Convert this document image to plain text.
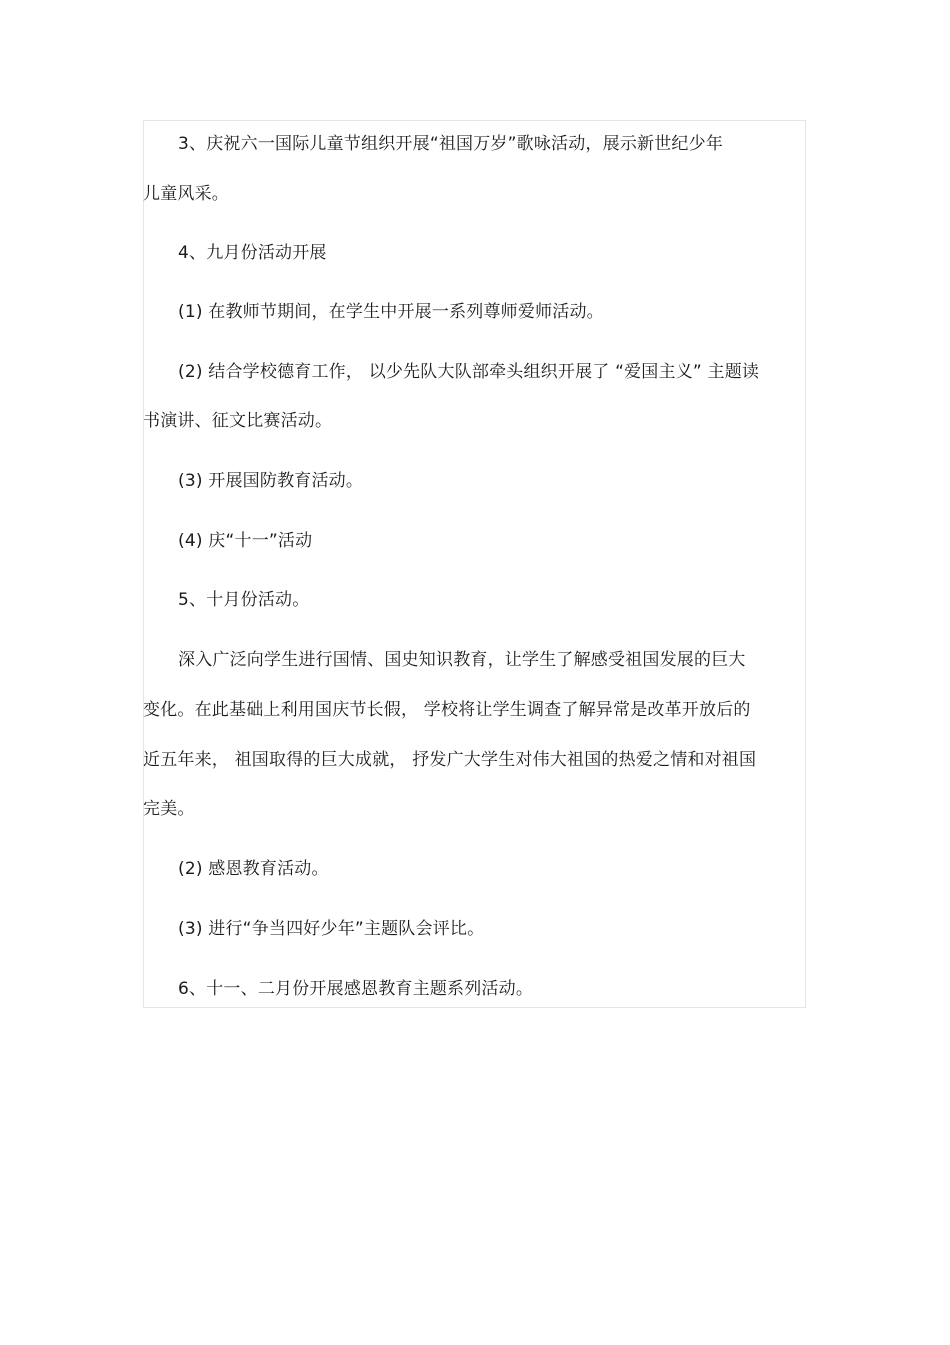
3、庆祝六一国际儿童节组织开展“祖国万岁”歌咏活动，展示新世纪少年
儿童风采。
4、九月份活动开展
(1) 在教师节期间，在学生中开展一系列尊师爱师活动。
(2) 结合学校德育工作， 以少先队大队部牵头组织开展了 “爱国主义” 主题读
书演讲、征文比赛活动。
(3) 开展国防教育活动。
(4) 庆“十一”活动
5、十月份活动。
深入广泛向学生进行国情、国史知识教育，让学生了解感受祖国发展的巨大
变化。在此基础上利用国庆节长假， 学校将让学生调查了解异常是改革开放后的
近五年来， 祖国取得的巨大成就， 抒发广大学生对伟大祖国的热爱之情和对祖国
完美。
(2) 感恩教育活动。
(3) 进行“争当四好少年”主题队会评比。
6、十一、二月份开展感恩教育主题系列活动。
